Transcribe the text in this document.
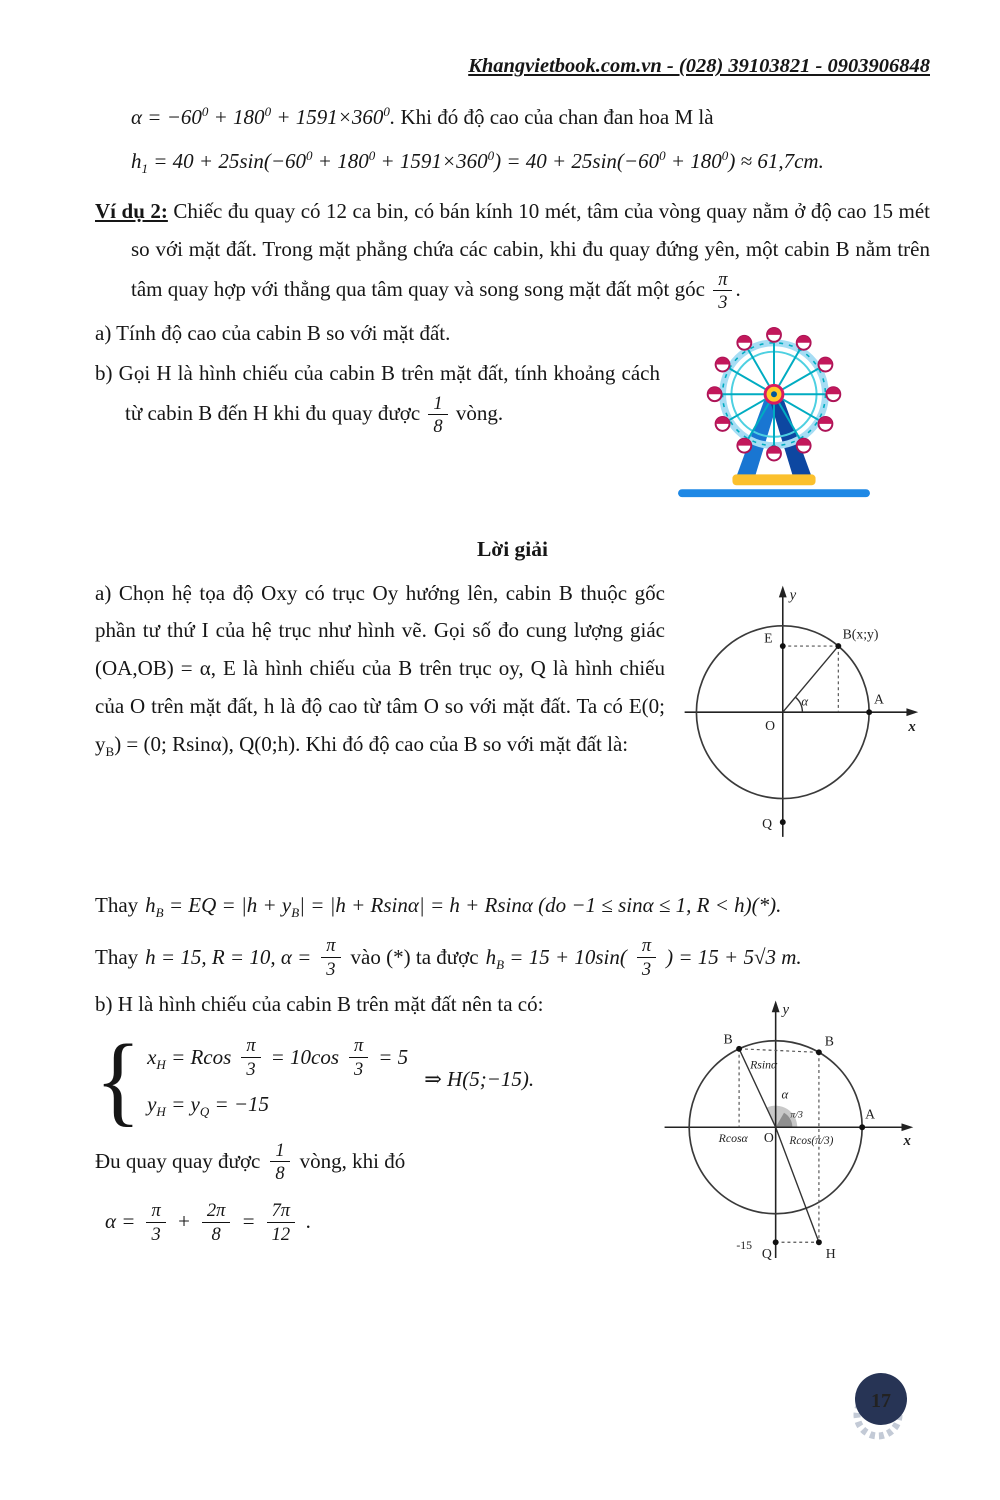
Khangvietbook.com.vn - (028) 39103821 - 0903906848
$\alpha = -60^0 + 180^0 + 1591\times 360^0$. Khi đó độ cao của chan đan hoa M là
$h_1 = 40 + 25\sin(-60^0 + 180^0 + 1591\times 360^0) = 40 + 25\sin(-60^0 + 180^0) \approx 61,7cm$.
Ví dụ 2: Chiếc đu quay có 12 ca bin, có bán kính 10 mét, tâm của vòng quay nằm ở độ cao 15 mét so với mặt đất. Trong mặt phẳng chứa các cabin, khi đu quay đứng yên, một cabin B nằm trên tâm quay hợp với thẳng qua tâm quay và song song mặt đất một góc $\frac{\pi}{3}$ .
a) Tính độ cao của cabin B so với mặt đất.
b) Gọi H là hình chiếu của cabin B trên mặt đất, tính khoảng cách từ cabin B đến H khi đu quay được $\frac{1}{8}$ vòng.
Lời giải
a) Chọn hệ tọa độ Oxy có trục Oy hướng lên, cabin B thuộc gốc phần tư thứ I của hệ trục như hình vẽ. Gọi số đo cung lượng giác (OA,OB) = α, E là hình chiếu của B trên trục oy, Q là hình chiếu của O trên mặt đất, h là độ cao từ tâm O so với mặt đất. Ta có E(0; $y_B) = (0$; Rsinα), Q(0;h). Khi đó độ cao của B so với mặt đất là:
y
x
B(x;y)
E
A
O
α
Q
Thay $h_B$ = EQ = $|h + y_B| = |h + Rsin\alpha| = h + Rsin\alpha$ (do −1 ≤ sinα ≤ 1, R < h)(*).
Thay h = 15, R = 10, $\alpha = \frac{\pi}{3}$ vào (*) ta được $h_B = 15 + 10\sin( \frac{\pi}{3}$ ) = 15 + 5√3 m.
b) H là hình chiếu của cabin B trên mặt đất nên ta có:
{ $x_H = Rcos \frac{\pi}{3} = 10\cos \frac{\pi}{3} = 5$
$y_H = y_Q = -15$
⇒ H(5;−15).
Đu quay quay được $\frac{1}{8}$ vòng, khi đó
$\alpha = \frac{\pi}{3} + \frac{2\pi}{8} = \frac{7\pi}{12}$ .
y
x
B	B
Rsinα
α
π/3	A
Rcosα O Rcos(π/3)
-15
Q	H
17
